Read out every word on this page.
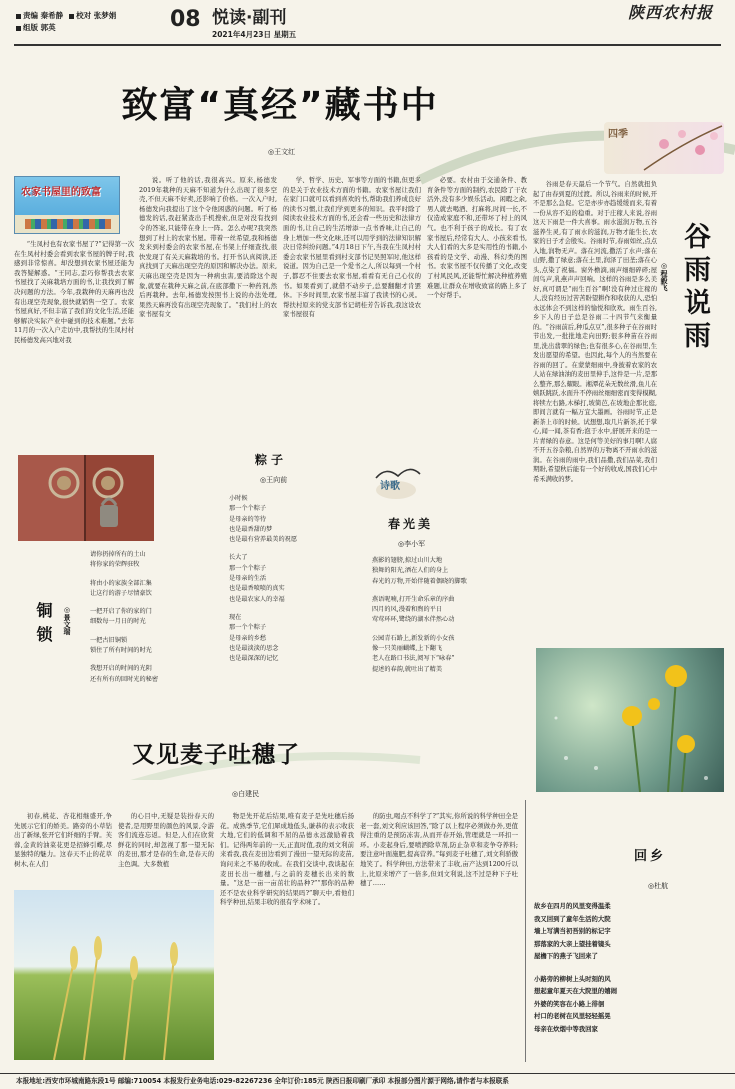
责编 秦希静 校对 张梦娟
组版 郭英	08 悦读·副刊
2021年4月23日 星期五
陕西农村报
致富“真经”藏书中
◎王文红
农家书屋里的致富

“生凤村也有农家书屋了?”记得第一次在生凤村村委会看到农家书屋的牌子时,我感到非常惊喜。却没想到农家书屋还能为我答疑解惑。“王同志,歪巧你帮我去农家书屋找了关麻栽培方面的书,让我找到了解决问题的方法。今年,我栽种的天麻再也没有出现空壳现象,很快就销售一空了。农家书屋真好,不但丰富了我们的文化生活,还能够解决实际产业中碰到的技术难题。”去年11月的一次入户走访中,我帮扶的生凤村村民杨德发高兴地对我

说。听了他的话,我很高兴。原来,杨德发2019年栽种的天麻不知道为什么出现了很多空壳,不但天麻不好卖,还影响了价格。一次入户时,杨德发向我提出了这个令他困惑的问题。听了杨德发的话,我赶紧查出手机搜索,但是对没有找到令的答案,只能带在身上一阵。怎么办呢?我突然想到了村上的农家书屋。带着一丝希望,我和杨德发来到村委会的农家书屋,在书架上仔细查找,很快发现了有关天麻栽培的书。打开书认真阅读,还真找到了天麻出现空壳的原因和解决办法。原来,天麻出现空壳是因为一种病虫害,要消除这个现象,就要在栽种天麻之前,在底部撒下一种药剂,然后再栽种。去年,杨德发按照书上说的办法处理,果然天麻再没有出现空壳现象了。“我们村上的农家书屋有文

学、哲学、历史、军事等方面的书籍,但更多的是关于农业技术方面的书籍。农家书屋让我们在家门口就可以看到喜欢的书,帮助我们养成良好的读书习惯,让我们学到更多的知识。我平时除了阅读农业技术方面的书,还会看一些历史和法律方面的书,让自己的生活增添一点书香味,让自己的身上增加一些文化味,还可以用学到的法律知识解决日常纠纷问题。”4月18日下午,当我在生凤村村委会农家书屋里看到村支部书记吴照军时,他这样说道。因为自己是一个爱书之人,所以每到一个村子,都忍不住要去农家书屋,看看有无自己心仪的书。如果看到了,就借不动步子,总要翻翻才肯罢休。下乡时间里,农家书屋丰富了我读书的心灵。帮扶村原来的党支部书记胡桂芳告诉我,我这设农家书屋很有

必要。农村由于交通条件、教育条件等方面的制约,农民除了干农活外,没有多少娱乐活动。闲暇之余,男人就去喝酒、打麻将,时间一长,不仅造成家庭不和,还带坏了村上的风气。也不利于孩子的成长。有了农家书屋后,经常有大人、小孩来看书,大人们看的大多是实用性的书籍,小孩看的是文学、动漫、科幻类的图书。农家书屋不仅传播了文化,改变了村风民风,还能帮忙解决种植养殖难题,让群众在增收致富的路上多了一个好帮手。

四季
谷雨说雨
◎程毅飞

谷雨是春天最后一个节气。自然就扭负起了由春到夏的过渡。所以,谷雨来的时候,开不是那么急促。它是亦步亦趋缓缓而来,有着一份从容不迫的稳重。对于庄稼人来说,谷雨这天下雨是一件大喜事。雨水滋润万物,五谷滋养生灵,有了雨水的滋润,万物才能生长,农家的日子才会殷实。谷雨时节,春雨如丝,点点入地,润物无声。落在河流,撒活了水声;落在山野,撒了绿意;落在土里,润泽了田垄;落在心头,点染了祝福。窗外檐滴,雨声细细碎碎;屋间鸟声,乳燕声声回响。这样的谷雨是多么美好,真可谓是“雨生百谷”啊!没有种过庄稼的人,没有经历过苦苦盼望耕作和收获的人,恐怕永远体会不到这样的愉悦和欣欢。雨生百谷,乡下人的日子总是谷雨二十四节气来衡量的。“谷雨前后,种瓜点豆”,很多种子在谷雨时节出发,一批批地走向田野;很多种苗在谷雨里,洗出翡翠的绿色;也有很多心,在谷雨里,生发出愿望的希望。也因此,每个人的当然要在谷雨的回了。在蒙蒙细雨中,身披着农家的农人站在绿油油的麦田里伸手,这件是一片,是那么整齐,那么耀眼。湘潭花朵无数丝滑,鱼儿在嬉跃跳跃,水面升不停雨丝细细密而变得模糊,将犊左右路,木梯打,坡简芭,在坡地企那比庭,即间言就有一幅万宜大墨画。谷雨时节,正是新茶上市的时候。试想想,取几片新茶,托于掌心,闻一闻,茶有香;泡于水中,舒展开来的是一片青绿的春意。这是何等美好的事月啊!人腐不开五谷杂粮,自然界的万物离不开雨水的滋润。在谷雨的雨中,我们品撒,我们品菜,我们期盼,希望秋后能有一个好的收成,国我们心中希禾满收的梦。

粽子
◎王向前
小时候
那一个个粽子
是母亲的等待
也是最香甜的梦
也是最有营养最美的祝愿
长大了
那一个个粽子
是母亲的生活
也是最香喷喷的真实
也是最农家人的幸福
现在
那一个个粽子
是母亲的乡愁
也是最淡淡的思念
也是最深深的记忆
铜锁 ◎景文瑞
请你扔掉所有的土山
将你家的荣辉驻牧
将由小的家族全部汇集
让这行的游子尽情豪饮
一把开启了你的家的门
细数每一月日的时光
一把古旧铜锁
锁住了所有时间的时光
我想开启的时间的光阴
还有所有的回时光的秘密
诗歌
春光美
◎李小军
燕影的翅膀,掠过山川大地
独舞的阳光,洒在人们的身上
春光的万物,开始伴随着偶晓的脚歌
燕语呢喃,打开生命乐章的序曲
四月的风,漫着和煦的平日
莺莺环环,鹭绕的湖水伴然心动
公园青石路上,新发新的小女孩
像一只美丽蝴蝶,上下翻飞
老人在路口书法,阅写下“咏春”
提述的春韵,就吐出了精美
又见麦子吐穗了
◎白建民

初春,桃花、杏花相继盛开,争先展示它们的娇美。路旁的小草钻出了新绿,张开它们纤细的手臂。芙蓉,金黄的油菜花更是招蜂引蝶,尽显独特的魅力。这春天不止的花草树木,在人们

的心目中,无疑是装扮春天的使者,是用野里的颜色的风景,令游客们流连忘返。但是,人们在欣赏鲜花的同时,却忽视了那一望无际的麦田,那才是春的生命,是春天的主色调。大多数植

物是先开花后结果,唯有麦子是先吐穗后扬花。成熟季节,它们犀成地低头,谦恭的表示收获大地,它们的低调和不屈的品德永远激励着我们。记得两年前的一天,正直时值,我的刘文利前来看我,我在麦田边看到了漫田一望无际的麦苗,询问来之不易的收成。在我们交谈中,我谈起在麦田长出一穗穗,与之前的麦穗长出来的数量。“这是一亩一亩茁壮的品种?”“那你的品种还不是农业科学研究的结果吗?”聊天中,看他们科学种田,结果丰收的很有学术味了。

的防虫,喝点不科学了?”其实,你所说的科学种田全是老一套,刘文利应该回答,“除了以上程序必须做办外,更值得注重的是预防冻害,从而开春开始,管理就是一环扣一环。小麦起身后,要喷洒除草剂,防止杂草和麦争夺养料;要注意叶面施肥,提高营养。”每到麦子吐穗了,刘文利骄傲地笑了。科学种田,方法带来了丰收,亩产达到1200斤以上,比原来增产了一倍多,但刘文利说,这不过是种下子吐穗了……

回乡
◎杜航
故乡在四月的风里变得温柔
我又回到了童年生活的大院
墙上写满当初吾别的标记字
那落家的大亲上望挂着镜头
屋檐下的燕子飞回来了
小路旁的柳树上头时刻的风
想起童年夏天在大院里的嬉闹
外婆的笑容在小路上徘徊
村口的老树在风里轻轻摇晃
母亲在炊烟中等我回家
本报地址:西安市环城南路东段1号 邮编:710054 本报发行业务电话:029-82267236 全年订价:185元 陕西日报印刷厂承印 本报部分图片源于网络,请作者与本报联系
